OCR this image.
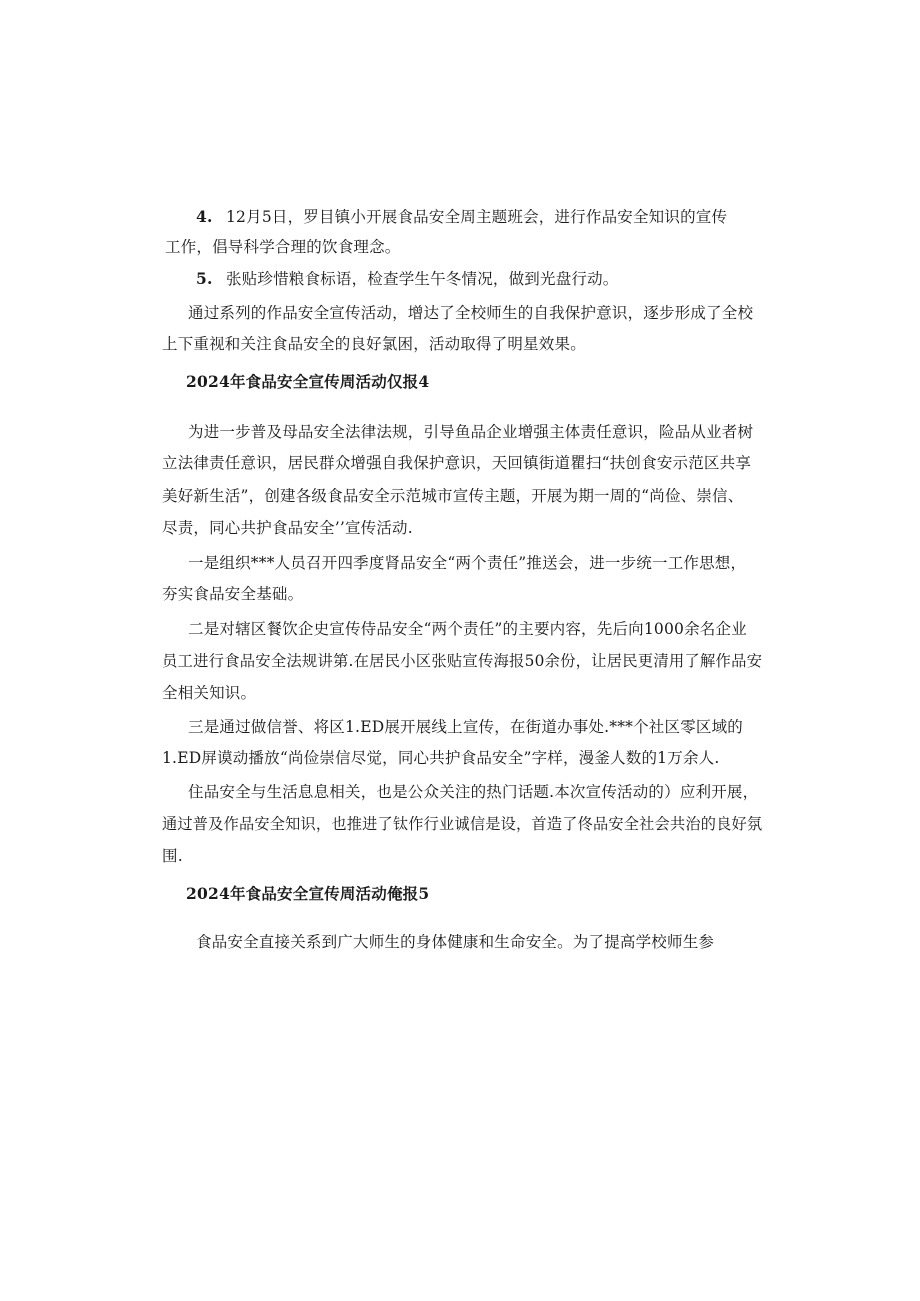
4. 12月5日，罗目镇小开展食品安全周主题班会，进行作品安全知识的宣传
工作，倡导科学合理的饮食理念。
5. 张贴珍惜粮食标语，检查学生午冬情况，做到光盘行动。
通过系列的作品安全宣传活动，增达了全校师生的自我保护意识，逐步形成了全校
上下重视和关注食品安全的良好氯困，活动取得了明星效果。
2024年食品安全宣传周活动仅报4
为进一步普及母品安全法律法规，引导鱼品企业增强主体责任意识，险品从业者树
立法律责任意识，居民群众增强自我保护意识，天回镇街道瞿扫“扶创食安示范区共享
美好新生活”，创建各级食品安全示范城市宣传主题，开展为期一周的“尚俭、崇信、
尽责，同心共护食品安全’’宣传活动.
一是组织***人员召开四季度肾品安全“两个责任”推送会，进一步统一工作思想，
夯实食品安全基础。
二是对辖区餐饮企史宣传侍品安全“两个责任”的主要内容，先后向1000余名企业
员工进行食品安全法规讲第.在居民小区张贴宣传海报50余份，让居民更清用了解作品安
全相关知识。
三是通过做信誉、将区1.ED展开展线上宣传，在街道办事处.***个社区零区域的
1.ED屏谟动播放“尚俭崇信尽觉，同心共护食品安全”字样，漫釜人数的1万余人.
住品安全与生活息息相关，也是公众关注的热门话题.本次宣传活动的）应利开展，
通过普及作品安全知识，也推进了钛作行业诚信是设，首造了佟品安全社会共治的良好氛
围.
2024年食品安全宣传周活动俺报5
食品安全直接关系到广大师生的身体健康和生命安全。为了提高学校师生参
